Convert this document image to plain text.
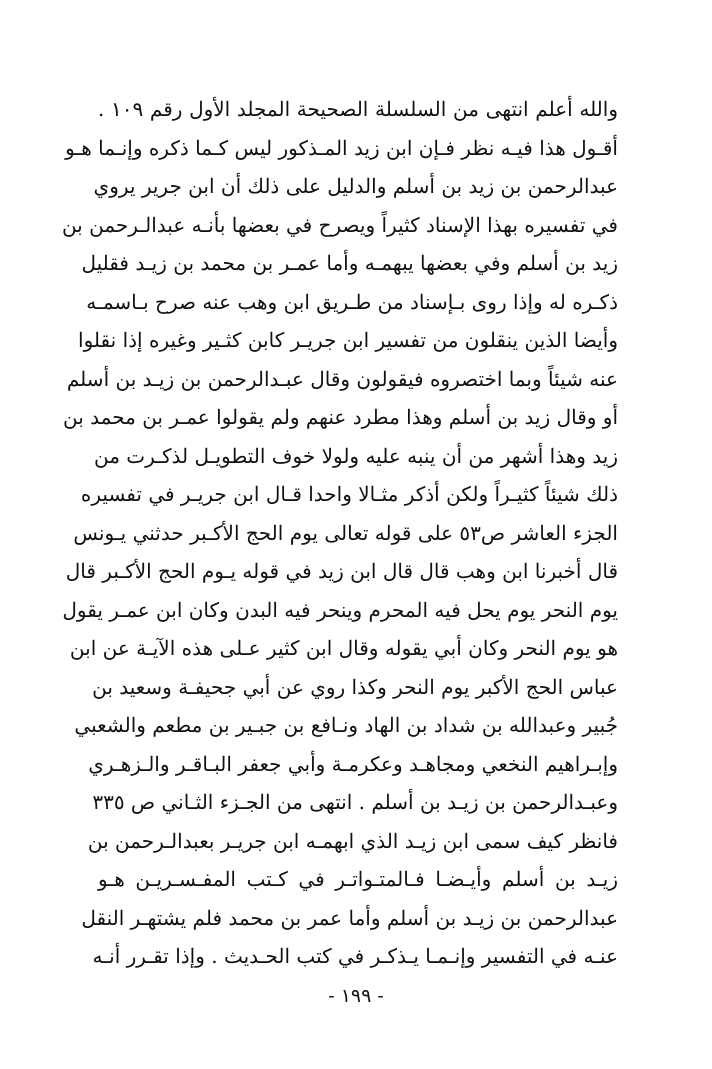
والله أعلم انتهى من السلسلة الصحيحة المجلد الأول رقم ١٠٩ .
أقـول هذا فيـه نظر فـإن ابن زيد المـذكور ليس كـما ذكره وإنـما هـو
عبدالرحمن بن زيد بن أسلم والدليل على ذلك أن ابن جرير يروي
في تفسيره بهذا الإسناد كثيراً ويصرح في بعضها بأنـه عبدالـرحمن بن
زيد بن أسلم وفي بعضها يبهمـه وأما عمـر بن محمد بن زيـد فقليل
ذكـره له وإذا روى بـإسناد من طـريق ابن وهب عنه صرح بـاسمـه
وأيضا الذين ينقلون من تفسير ابن جريـر كابن كثـير وغيره إذا نقلوا
عنه شيئاً وبما اختصروه فيقولون وقال عبـدالرحمن بن زيـد بن أسلم
أو وقال زيد بن أسلم وهذا مطرد عنهم ولم يقولوا عمـر بن محمد بن
زيد وهذا أشهر من أن ينبه عليه ولولا خوف التطويـل لذكـرت من
ذلك شيئاً كثيـراً ولكن أذكر مثـالا واحدا قـال ابن جريـر في تفسيره
الجزء العاشر ص٥٣ على قوله تعالى يوم الحج الأكـبر حدثني يـونس
قال أخبرنا ابن وهب قال قال ابن زيد في قوله يـوم الحج الأكـبر قال
يوم النحر يوم يحل فيه المحرم وينحر فيه البدن وكان ابن عمـر يقول
هو يوم النحر وكان أبي يقوله وقال ابن كثير عـلى هذه الآيـة عن ابن
عباس الحج الأكبر يوم النحر وكذا روي عن أبي جحيفـة وسعيد بن
جُبير وعبدالله بن شداد بن الهاد ونـافع بن جبـير بن مطعم والشعبي
وإبـراهيم النخعي ومجاهـد وعكرمـة وأبي جعفر البـاقـر والـزهـري
وعبـدالرحمن بن زيـد بن أسلم . انتهى من الجـزء الثـاني ص ٣٣٥
فانظر كيف سمى ابن زيـد الذي ابهمـه ابن جريـر بعبدالـرحمن بن
زيـد بن أسلم وأيـضـا فـالمتـواتـر في كـتب المفـسـريـن هـو
عبدالرحمن بن زيـد بن أسلم وأما عمر بن محمد فلم يشتهـر النقل
عنـه في التفسير وإنـمـا يـذكـر في كتب الحـديث . وإذا تقـرر أنـه
- ١٩٩ -
